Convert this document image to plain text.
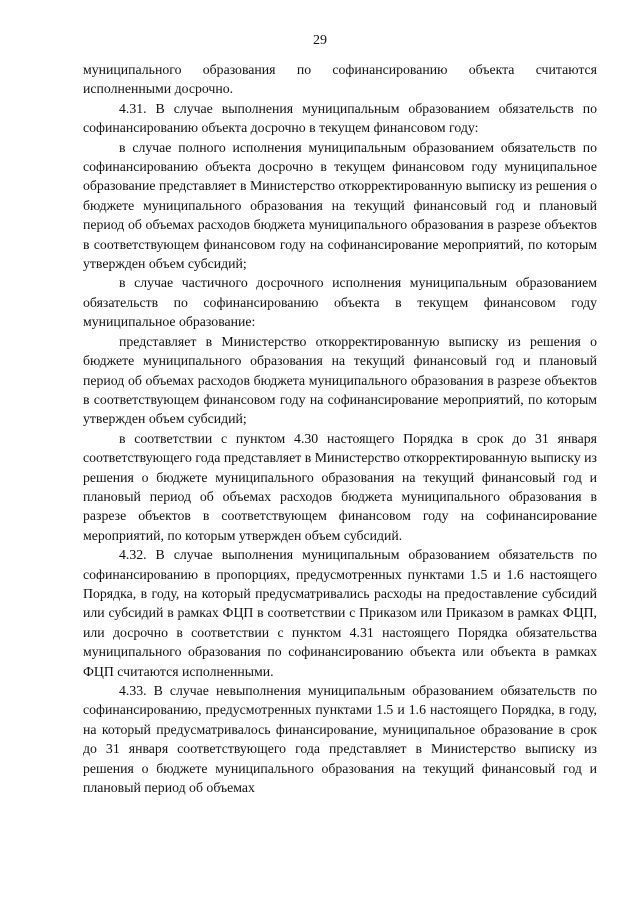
29

муниципального образования по софинансированию объекта считаются исполненными досрочно.

4.31. В случае выполнения муниципальным образованием обязательств по софинансированию объекта досрочно в текущем финансовом году:

в случае полного исполнения муниципальным образованием обязательств по софинансированию объекта досрочно в текущем финансовом году муниципальное образование представляет в Министерство откорректированную выписку из решения о бюджете муниципального образования на текущий финансовый год и плановый период об объемах расходов бюджета муниципального образования в разрезе объектов в соответствующем финансовом году на софинансирование мероприятий, по которым утвержден объем субсидий;

в случае частичного досрочного исполнения муниципальным образованием обязательств по софинансированию объекта в текущем финансовом году муниципальное образование:

представляет в Министерство откорректированную выписку из решения о бюджете муниципального образования на текущий финансовый год и плановый период об объемах расходов бюджета муниципального образования в разрезе объектов в соответствующем финансовом году на софинансирование мероприятий, по которым утвержден объем субсидий;

в соответствии с пунктом 4.30 настоящего Порядка в срок до 31 января соответствующего года представляет в Министерство откорректированную выписку из решения о бюджете муниципального образования на текущий финансовый год и плановый период об объемах расходов бюджета муниципального образования в разрезе объектов в соответствующем финансовом году на софинансирование мероприятий, по которым утвержден объем субсидий.

4.32. В случае выполнения муниципальным образованием обязательств по софинансированию в пропорциях, предусмотренных пунктами 1.5 и 1.6 настоящего Порядка, в году, на который предусматривались расходы на предоставление субсидий или субсидий в рамках ФЦП в соответствии с Приказом или Приказом в рамках ФЦП, или досрочно в соответствии с пунктом 4.31 настоящего Порядка обязательства муниципального образования по софинансированию объекта или объекта в рамках ФЦП считаются исполненными.

4.33. В случае невыполнения муниципальным образованием обязательств по софинансированию, предусмотренных пунктами 1.5 и 1.6 настоящего Порядка, в году, на который предусматривалось финансирование, муниципальное образование в срок до 31 января соответствующего года представляет в Министерство выписку из решения о бюджете муниципального образования на текущий финансовый год и плановый период об объемах
